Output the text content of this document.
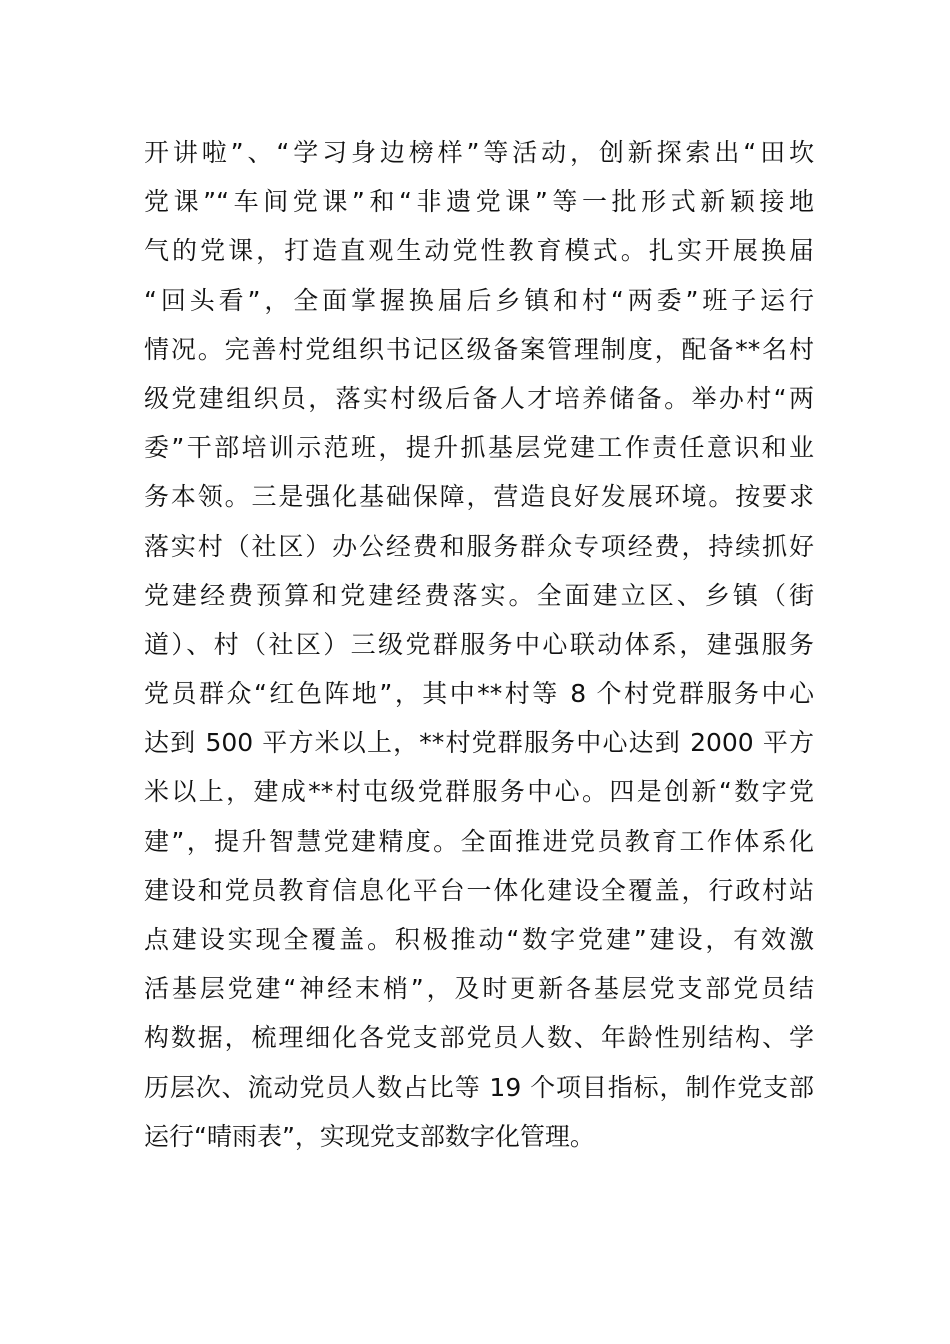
开讲啦”、“学习身边榜样”等活动，创新探索出“田坎
党课”“车间党课”和“非遗党课”等一批形式新颖接地
气的党课，打造直观生动党性教育模式。扎实开展换届
“回头看”，全面掌握换届后乡镇和村“两委”班子运行
情况。完善村党组织书记区级备案管理制度，配备**名村
级党建组织员，落实村级后备人才培养储备。举办村“两
委”干部培训示范班，提升抓基层党建工作责任意识和业
务本领。三是强化基础保障，营造良好发展环境。按要求
落实村（社区）办公经费和服务群众专项经费，持续抓好
党建经费预算和党建经费落实。全面建立区、乡镇（街
道）、村（社区）三级党群服务中心联动体系，建强服务
党员群众“红色阵地”，其中**村等 8 个村党群服务中心
达到 500 平方米以上，**村党群服务中心达到 2000 平方
米以上，建成**村屯级党群服务中心。四是创新“数字党
建”，提升智慧党建精度。全面推进党员教育工作体系化
建设和党员教育信息化平台一体化建设全覆盖，行政村站
点建设实现全覆盖。积极推动“数字党建”建设，有效激
活基层党建“神经末梢”，及时更新各基层党支部党员结
构数据，梳理细化各党支部党员人数、年龄性别结构、学
历层次、流动党员人数占比等 19 个项目指标，制作党支部
运行“晴雨表”，实现党支部数字化管理。
